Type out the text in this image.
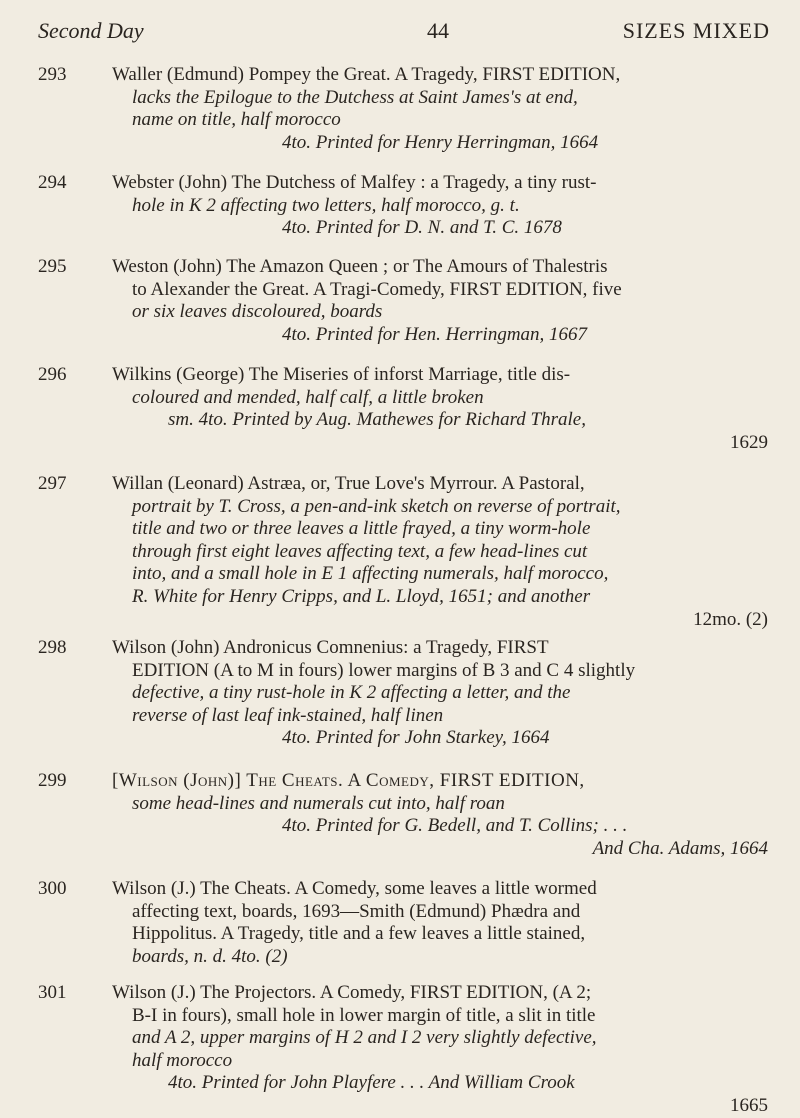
Second Day	44	SIZES MIXED
293	Waller (Edmund) Pompey the Great. A Tragedy, FIRST EDITION,
lacks the Epilogue to the Dutchess at Saint James's at end,
name on title, half morocco
4to. Printed for Henry Herringman, 1664
294	Webster (John) The Dutchess of Malfey : a Tragedy, a tiny rust-
hole in K 2 affecting two letters, half morocco, g. t.
4to. Printed for D. N. and T. C. 1678
295	Weston (John) The Amazon Queen ; or The Amours of Thalestris
to Alexander the Great. A Tragi-Comedy, FIRST EDITION, five
or six leaves discoloured, boards
4to. Printed for Hen. Herringman, 1667
296	Wilkins (George) The Miseries of inforst Marriage, title dis-
coloured and mended, half calf, a little broken
sm. 4to. Printed by Aug. Mathewes for Richard Thrale,
1629
297	Willan (Leonard) Astræa, or, True Love's Myrrour. A Pastoral,
portrait by T. Cross, a pen-and-ink sketch on reverse of portrait,
title and two or three leaves a little frayed, a tiny worm-hole
through first eight leaves affecting text, a few head-lines cut
into, and a small hole in E 1 affecting numerals, half morocco,
R. White for Henry Cripps, and L. Lloyd, 1651; and another
12mo. (2)
298	Wilson (John) Andronicus Comnenius: a Tragedy, FIRST
EDITION (A to M in fours) lower margins of B 3 and C 4 slightly
defective, a tiny rust-hole in K 2 affecting a letter, and the
reverse of last leaf ink-stained, half linen
4to. Printed for John Starkey, 1664
299	[Wilson (John)] The Cheats. A Comedy, FIRST EDITION,
some head-lines and numerals cut into, half roan
4to. Printed for G. Bedell, and T. Collins; . . .
And Cha. Adams, 1664
300	Wilson (J.) The Cheats. A Comedy, some leaves a little wormed
affecting text, boards, 1693—Smith (Edmund) Phædra and
Hippolitus. A Tragedy, title and a few leaves a little stained,
boards, n. d. 4to. (2)
301	Wilson (J.) The Projectors. A Comedy, FIRST EDITION, (A 2;
B-I in fours), small hole in lower margin of title, a slit in title
and A 2, upper margins of H 2 and I 2 very slightly defective,
half morocco
4to. Printed for John Playfere . . . And William Crook
1665
